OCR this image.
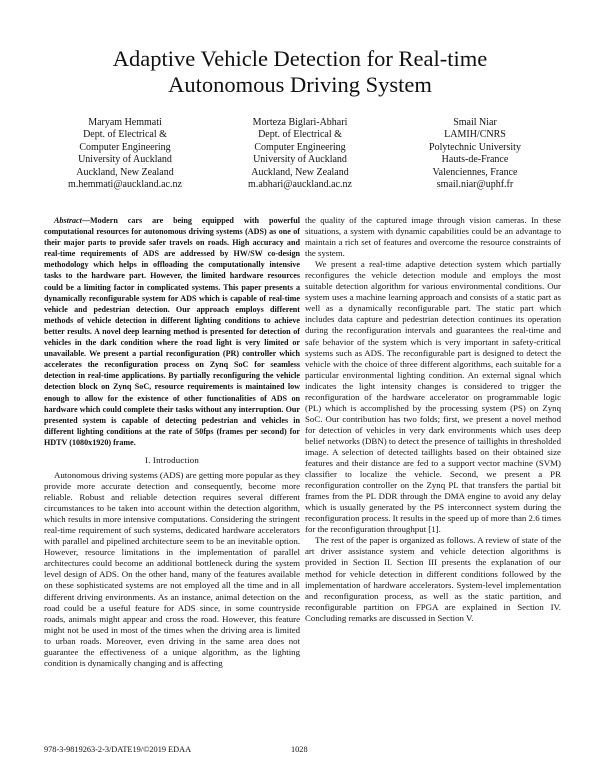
Adaptive Vehicle Detection for Real-time
Autonomous Driving System
Maryam Hemmati
Dept. of Electrical &
Computer Engineering
University of Auckland
Auckland, New Zealand
m.hemmati@auckland.ac.nz
Morteza Biglari-Abhari
Dept. of Electrical &
Computer Engineering
University of Auckland
Auckland, New Zealand
m.abhari@auckland.ac.nz
Smail Niar
LAMIH/CNRS
Polytechnic University
Hauts-de-France
Valenciennes, France
smail.niar@uphf.fr

Abstract—Modern cars are being equipped with powerful computational resources for autonomous driving systems (ADS) as one of their major parts to provide safer travels on roads. High accuracy and real-time requirements of ADS are addressed by HW/SW co-design methodology which helps in offloading the computationally intensive tasks to the hardware part. However, the limited hardware resources could be a limiting factor in complicated systems. This paper presents a dynamically reconfigurable system for ADS which is capable of real-time vehicle and pedestrian detection. Our approach employs different methods of vehicle detection in different lighting conditions to achieve better results. A novel deep learning method is presented for detection of vehicles in the dark condition where the road light is very limited or unavailable. We present a partial reconfiguration (PR) controller which accelerates the reconfiguration process on Zynq SoC for seamless detection in real-time applications. By partially reconfiguring the vehicle detection block on Zynq SoC, resource requirements is maintained low enough to allow for the existence of other functionalities of ADS on hardware which could complete their tasks without any interruption. Our presented system is capable of detecting pedestrian and vehicles in different lighting conditions at the rate of 50fps (frames per second) for HDTV (1080x1920) frame.

I. Introduction

Autonomous driving systems (ADS) are getting more popular as they provide more accurate detection and consequently, become more reliable. Robust and reliable detection requires several different circumstances to be taken into account within the detection algorithm, which results in more intensive computations. Considering the stringent real-time requirement of such systems, dedicated hardware accelerators with parallel and pipelined architecture seem to be an inevitable option. However, resource limitations in the implementation of parallel architectures could become an additional bottleneck during the system level design of ADS. On the other hand, many of the features available on these sophisticated systems are not employed all the time and in all different driving environments. As an instance, animal detection on the road could be a useful feature for ADS since, in some countryside roads, animals might appear and cross the road. However, this feature might not be used in most of the times when the driving area is limited to urban roads. Moreover, even driving in the same area does not guarantee the effectiveness of a unique algorithm, as the lighting condition is dynamically changing and is affecting

the quality of the captured image through vision cameras. In these situations, a system with dynamic capabilities could be an advantage to maintain a rich set of features and overcome the resource constraints of the system.

We present a real-time adaptive detection system which partially reconfigures the vehicle detection module and employs the most suitable detection algorithm for various environmental conditions. Our system uses a machine learning approach and consists of a static part as well as a dynamically reconfigurable part. The static part which includes data capture and pedestrian detection continues its operation during the reconfiguration intervals and guarantees the real-time and safe behavior of the system which is very important in safety-critical systems such as ADS. The reconfigurable part is designed to detect the vehicle with the choice of three different algorithms, each suitable for a particular environmental lighting condition. An external signal which indicates the light intensity changes is considered to trigger the reconfiguration of the hardware accelerator on programmable logic (PL) which is accomplished by the processing system (PS) on Zynq SoC. Our contribution has two folds; first, we present a novel method for detection of vehicles in very dark environments which uses deep belief networks (DBN) to detect the presence of taillights in thresholded image. A selection of detected taillights based on their obtained size features and their distance are fed to a support vector machine (SVM) classifier to localize the vehicle. Second, we present a PR reconfiguration controller on the Zynq PL that transfers the partial bit frames from the PL DDR through the DMA engine to avoid any delay which is usually generated by the PS interconnect system during the reconfiguration process. It results in the speed up of more than 2.6 times for the reconfiguration throughput [1].

The rest of the paper is organized as follows. A review of state of the art driver assistance system and vehicle detection algorithms is provided in Section II. Section III presents the explanation of our method for vehicle detection in different conditions followed by the implementation of hardware accelerators. System-level implementation and reconfiguration process, as well as the static partition, and reconfigurable partition on FPGA are explained in Section IV. Concluding remarks are discussed in Section V.

978-3-9819263-2-3/DATE19/©2019 EDAA	1028
